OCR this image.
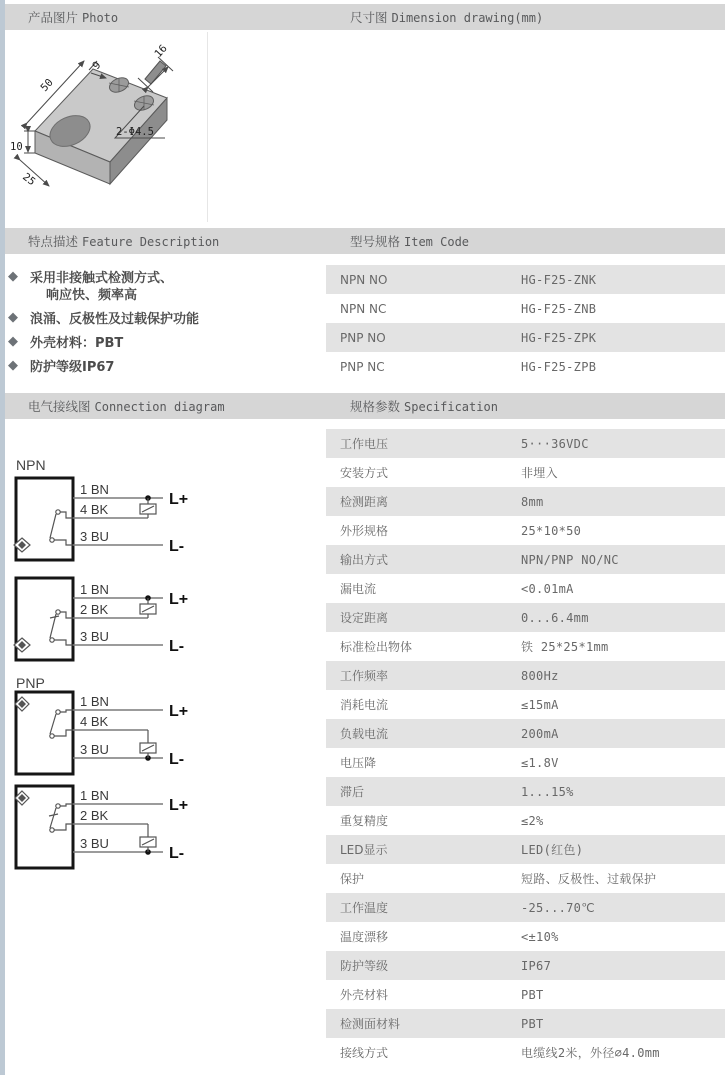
产品图片 Photo	尺寸图 Dimension drawing(mm)
50
9
16
10
25
2-Φ4.5
特点描述 Feature Description	型号规格 Item Code
◆ 采用非接触式检测方式、
响应快、频率高
◆ 浪涌、反极性及过载保护功能
◆ 外壳材料：PBT
◆ 防护等级IP67
NPN NO	HG-F25-ZNK
NPN NC	HG-F25-ZNB
PNP NO	HG-F25-ZPK
PNP NC	HG-F25-ZPB
电气接线图 Connection diagram	规格参数 Specification
NPN
PNP
1 BN
4 BK
3 BU
L+
L-
1 BN
2 BK
3 BU
L+
L-
1 BN
4 BK
3 BU
L+
L-
1 BN
2 BK
3 BU
L+
L-
工作电压	5···36VDC
安装方式	非埋入
检测距离	8mm
外形规格	25*10*50
输出方式	NPN/PNP NO/NC
漏电流	<0.01mA
设定距离	0...6.4mm
标准检出物体	铁 25*25*1mm
工作频率	800Hz
消耗电流	≤15mA
负载电流	200mA
电压降	≤1.8V
滞后	1...15%
重复精度	≤2%
LED显示	LED(红色)
保护	短路、反极性、过载保护
工作温度	-25...70℃
温度漂移	<±10%
防护等级	IP67
外壳材料	PBT
检测面材料	PBT
接线方式	电缆线2米，外径∅4.0mm
